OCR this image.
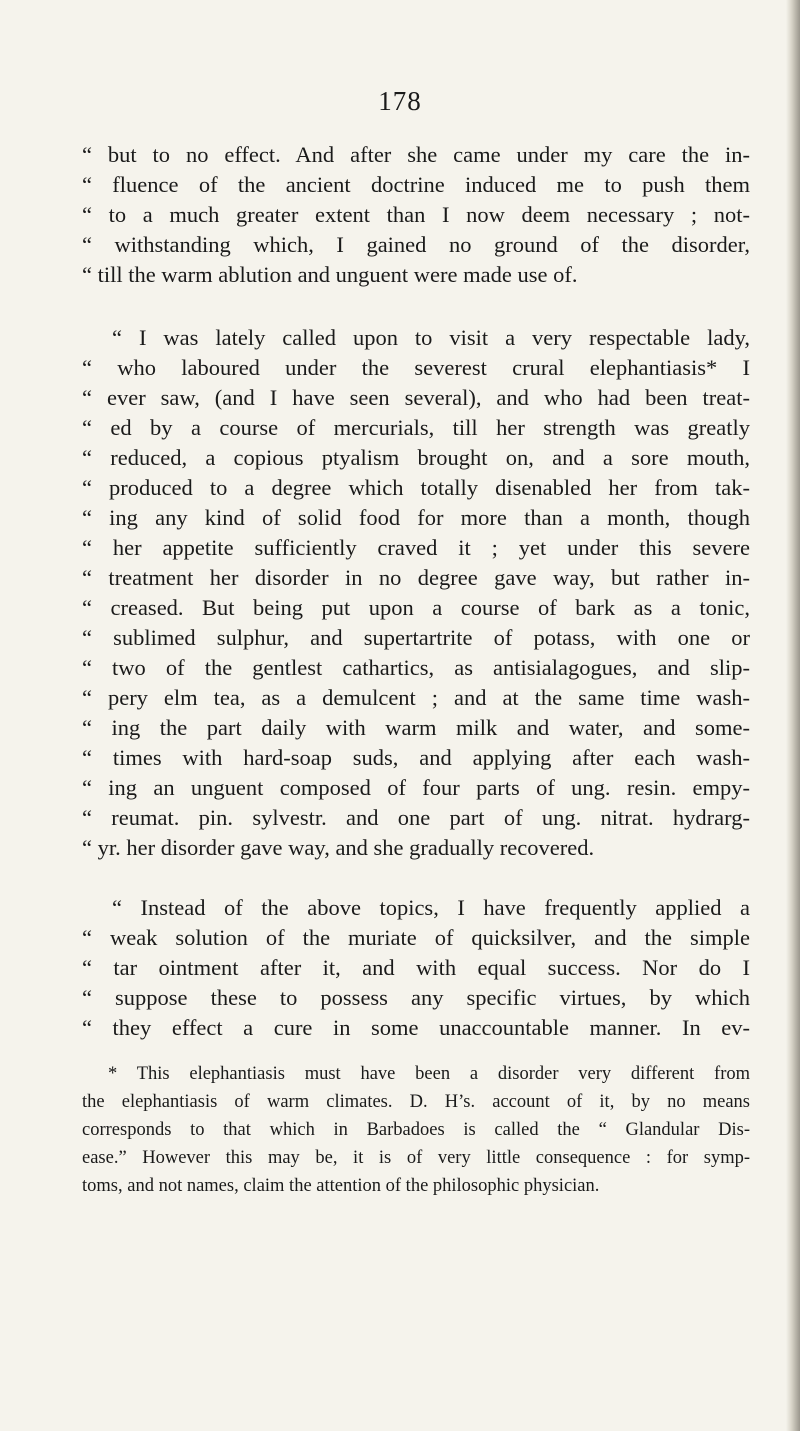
178
“ but to no effect. And after she came under my care the in-
“ fluence of the ancient doctrine induced me to push them
“ to a much greater extent than I now deem necessary ; not-
“ withstanding which, I gained no ground of the disorder,
“ till the warm ablution and unguent were made use of.
“ I was lately called upon to visit a very respectable lady,
“ who laboured under the severest crural elephantiasis* I
“ ever saw, (and I have seen several), and who had been treat-
“ ed by a course of mercurials, till her strength was greatly
“ reduced, a copious ptyalism brought on, and a sore mouth,
“ produced to a degree which totally disenabled her from tak-
“ ing any kind of solid food for more than a month, though
“ her appetite sufficiently craved it ; yet under this severe
“ treatment her disorder in no degree gave way, but rather in-
“ creased. But being put upon a course of bark as a tonic,
“ sublimed sulphur, and supertartrite of potass, with one or
“ two of the gentlest cathartics, as antisialagogues, and slip-
“ pery elm tea, as a demulcent ; and at the same time wash-
“ ing the part daily with warm milk and water, and some-
“ times with hard-soap suds, and applying after each wash-
“ ing an unguent composed of four parts of ung. resin. empy-
“ reumat. pin. sylvestr. and one part of ung. nitrat. hydrarg-
“ yr. her disorder gave way, and she gradually recovered.
“ Instead of the above topics, I have frequently applied a
“ weak solution of the muriate of quicksilver, and the simple
“ tar ointment after it, and with equal success. Nor do I
“ suppose these to possess any specific virtues, by which
“ they effect a cure in some unaccountable manner. In ev-
* This elephantiasis must have been a disorder very different from
the elephantiasis of warm climates. D. H’s. account of it, by no means
corresponds to that which in Barbadoes is called the “ Glandular Dis-
ease.” However this may be, it is of very little consequence : for symp-
toms, and not names, claim the attention of the philosophic physician.
